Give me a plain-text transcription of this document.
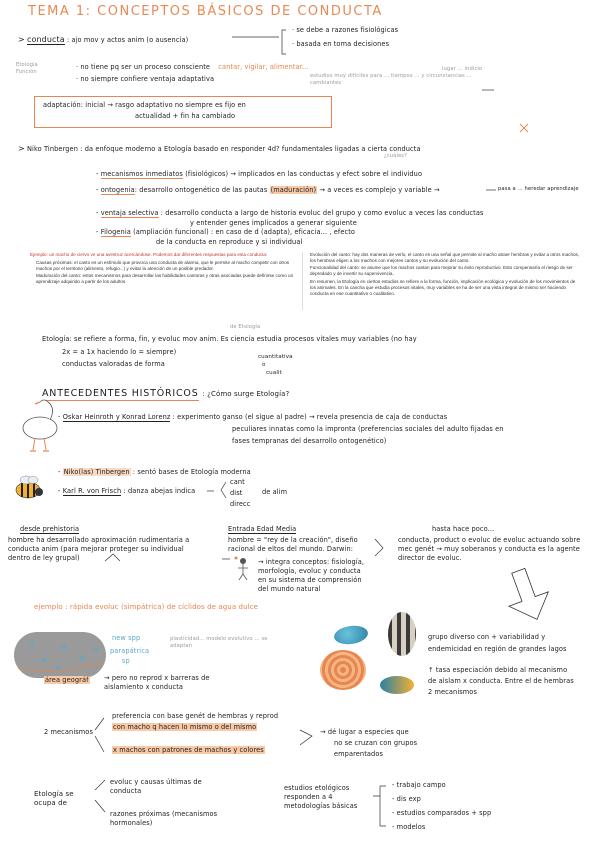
TEMA 1: CONCEPTOS BÁSICOS DE CONDUCTA
> conducta : ajo mov y actos anim (o ausencia)
· se debe a razones fisiológicas
· basada en toma decisiones
Etología
Función
· no tiene pq ser un proceso consciente cantar, vigilar, alimentar...
· no siempre confiere ventaja adaptativa	estudios muy difíciles para ... tiempos ... y circunstancias ... cambiantes
lugar ... indicio
adaptación: inicial → rasgo adaptativo no siempre es fijo en
actualidad + fin ha cambiado
> Niko Tinbergen : da enfoque moderno a Etología basado en responder 4d? fundamentales ligadas a cierta conducta
¿cuáles?
- mecanismos inmediatos (fisiológicos) → implicados en las conductas y efect sobre el individuo
- ontogenia: desarrollo ontogenético de las pautas (maduración) → a veces es complejo y variable →	pasa a ... heredar aprendizaje
- ventaja selectiva : desarrollo conducta a largo de historia evoluc del grupo y como evoluc a veces las conductas
y entender genes implicados a generar siguiente
- Filogenia (ampliación funcional) : en caso de d (adapta), eficacia... , efecto
de la conducta en reproduce y si individual
Ejemplo: un macho de ciervo ve una avestruz acercándose. Podemos dar diferentes respuestas para esta conducta:
Causas próximas: el canto es un estímulo que provoca una conducta de alarma, que le permite al macho competir con otros machos por el territorio (alimento, refugio...) y evitar la atención de un posible predador.
Maduración del canto: estos mecanismos para desarrollar las habilidades cantoras y otras asociadas puede definirse como un aprendizaje adquirido a partir de los adultos.
Evolución del canto: hay dos maneras de verlo, el canto es una señal que permite al macho atraer hembras y evitar a otros machos, los hembras eligen a los machos con mejores cantos y su evolución del canto.
Funcionalidad del canto: se asume que los machos cantan para mejorar su éxito reproductivo. Esto compensaría el riesgo de ser depredado y de invertir su supervivencia.
En resumen, la Etología en ciertos estudios se refiere a la forma, función, implicación ecológica y evolución de los movimientos de los animales. En la cancha que estudia procesos vitales, muy variables se ha de ser una vista integral de mismo ser haciendo conducta en ese cuantitativo o cualitativo.
de Etología
Etología: se refiere a forma, fin, y evoluc mov anim. Es ciencia estudia procesos vitales muy variables (no hay
2x = a 1x haciendo lo = siempre)
conductas valoradas de forma
cuantitativa
o
cualit
ANTECEDENTES HISTÓRICOS : ¿Cómo surge Etología?
- Oskar Heinroth y Konrad Lorenz : experimento ganso (el sigue al padre) → revela presencia de caja de conductas
peculiares innatas como la impronta (preferencias sociales del adulto fijadas en
fases tempranas del desarrollo ontogenético)
- Niko(las) Tinbergen : sentó bases de Etología moderna
- Karl R. von Frisch : danza abejas indica
cant
dist
direcc
de alim
desde prehistoria
hombre ha desarrollado aproximación rudimentaria a conducta anim (para mejorar proteger su individual dentro de ley grupal)
Entrada Edad Media
hombre = "rey de la creación", diseño racional de eltos del mundo. Darwin:
→ integra conceptos: fisiología, morfología, evoluc y conducta en su sistema de comprensión del mundo natural
hasta hace poco...
conducta, product o evoluc de evoluc actuando sobre mec genét → muy soberanos y conducta es la agente director de evoluc.
ejemplo : rápida evoluc (simpátrica) de cíclidos de agua dulce
new spp
parapátrica
sp
plasticidad... modelo evolutivo ... se adaptan
área geográf → pero no reprod x barreras de aislamiento x conducta
grupo diverso con + variabilidad y
endemicidad en región de grandes lagos
↑ tasa especiación debido al mecanismo
de aislam x conducta. Entre el de hembras
2 mecanismos
2 mecanismos
preferencia con base genét de hembras y reprod
con macho q hacen lo mismo o del mismo
x machos con patrones de machos y colores
→ dé lugar a especies que
no se cruzan con grupos
emparentados
Etología se ocupa de
evoluc y causas últimas de conducta
razones próximas (mecanismos hormonales)
estudios etológicos responden a 4 metodologías básicas
- trabajo campo
- dis exp
- estudios comparados + spp
- modelos
